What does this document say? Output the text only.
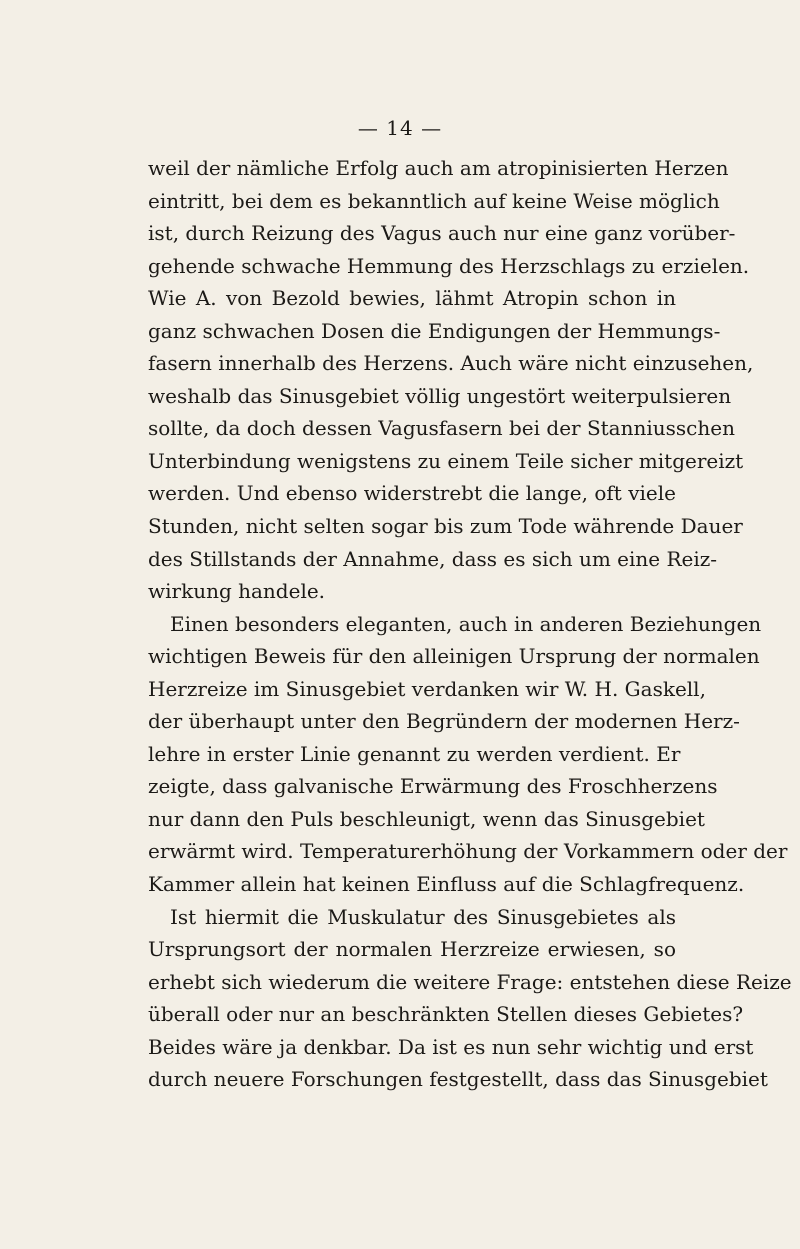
— 14 —
weil der nämliche Erfolg auch am atropinisierten Herzen
eintritt, bei dem es bekanntlich auf keine Weise möglich
ist, durch Reizung des Vagus auch nur eine ganz vorüber-
gehende schwache Hemmung des Herzschlags zu erzielen.
Wie A. von Bezold bewies, lähmt Atropin schon in
ganz schwachen Dosen die Endigungen der Hemmungs-
fasern innerhalb des Herzens. Auch wäre nicht einzusehen,
weshalb das Sinusgebiet völlig ungestört weiterpulsieren
sollte, da doch dessen Vagusfasern bei der Stanniusschen
Unterbindung wenigstens zu einem Teile sicher mitgereizt
werden. Und ebenso widerstrebt die lange, oft viele
Stunden, nicht selten sogar bis zum Tode währende Dauer
des Stillstands der Annahme, dass es sich um eine Reiz-
wirkung handele.
Einen besonders eleganten, auch in anderen Beziehungen
wichtigen Beweis für den alleinigen Ursprung der normalen
Herzreize im Sinusgebiet verdanken wir W. H. Gaskell,
der überhaupt unter den Begründern der modernen Herz-
lehre in erster Linie genannt zu werden verdient. Er
zeigte, dass galvanische Erwärmung des Froschherzens
nur dann den Puls beschleunigt, wenn das Sinusgebiet
erwärmt wird. Temperaturerhöhung der Vorkammern oder der
Kammer allein hat keinen Einfluss auf die Schlagfrequenz.
Ist hiermit die Muskulatur des Sinusgebietes als
Ursprungsort der normalen Herzreize erwiesen, so
erhebt sich wiederum die weitere Frage: entstehen diese Reize
überall oder nur an beschränkten Stellen dieses Gebietes?
Beides wäre ja denkbar. Da ist es nun sehr wichtig und erst
durch neuere Forschungen festgestellt, dass das Sinusgebiet
